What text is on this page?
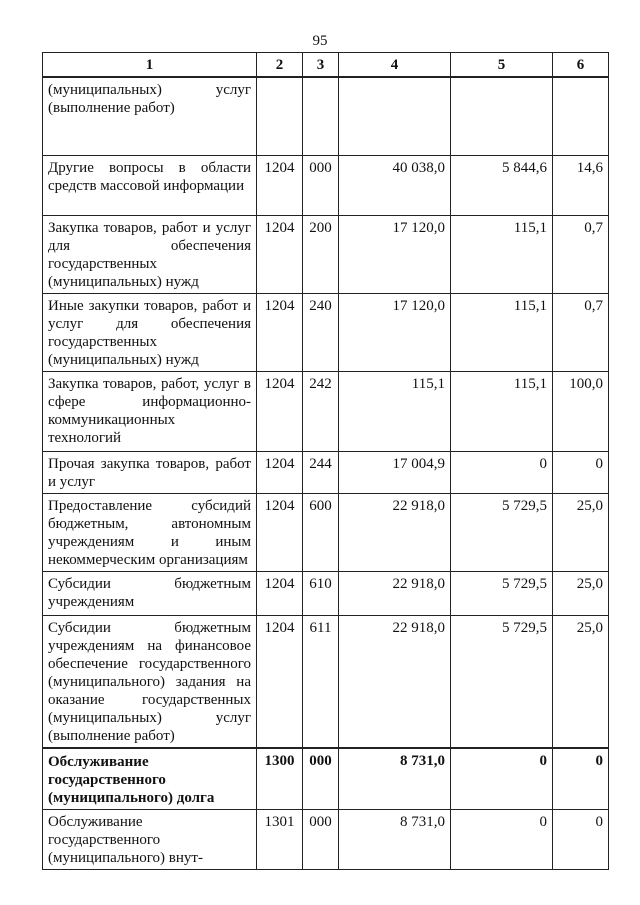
95
1	2	3	4	5	6
(муниципальных) услуг (выполнение работ)					
Другие вопросы в области средств массовой информации	1204	000	40 038,0	5 844,6	14,6
Закупка товаров, работ и услуг для обеспечения государственных (муниципальных) нужд	1204	200	17 120,0	115,1	0,7
Иные закупки товаров, работ и услуг для обеспечения государственных (муниципальных) нужд	1204	240	17 120,0	115,1	0,7
Закупка товаров, работ, услуг в сфере информационно-коммуникационных технологий	1204	242	115,1	115,1	100,0
Прочая закупка товаров, работ и услуг	1204	244	17 004,9	0	0
Предоставление субсидий бюджетным, автономным учреждениям и иным некоммерческим организациям	1204	600	22 918,0	5 729,5	25,0
Субсидии бюджетным учреждениям	1204	610	22 918,0	5 729,5	25,0
Субсидии бюджетным учреждениям на финансовое обеспечение государственного (муниципального) задания на оказание государственных (муниципальных) услуг (выполнение работ)	1204	611	22 918,0	5 729,5	25,0
Обслуживание государственного (муниципального) долга	1300	000	8 731,0	0	0
Обслуживание государственного (муниципального) внут-	1301	000	8 731,0	0	0
